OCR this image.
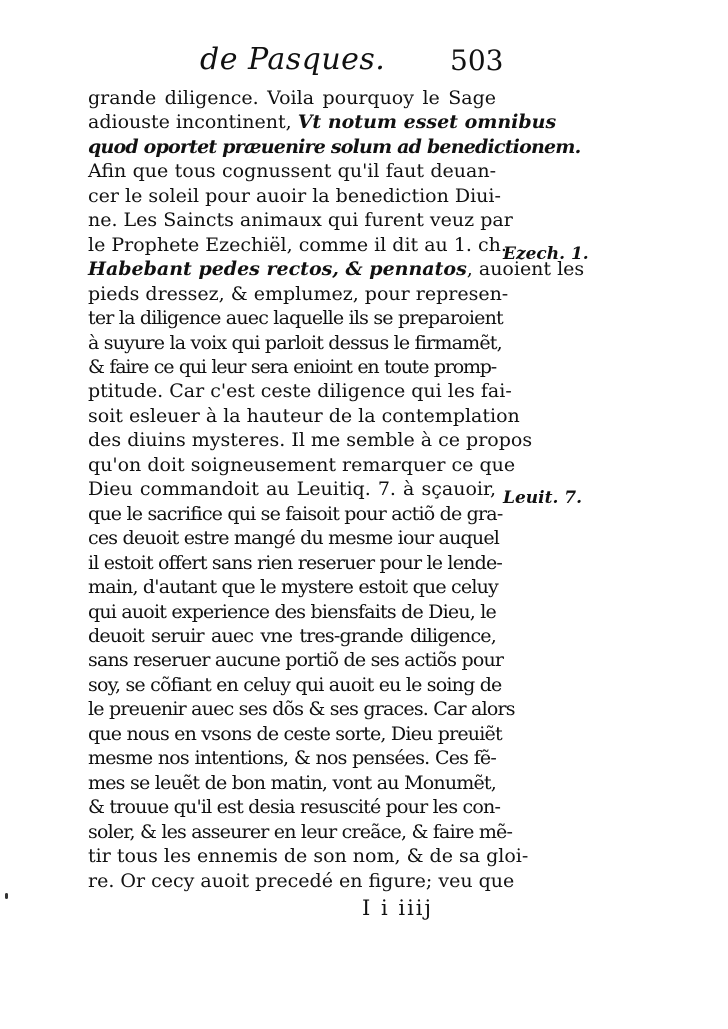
de Pasques. 503
grande diligence. Voila pourquoy le Sage
adiouste incontinent, Vt notum esset omnibus
quod oportet præuenire solum ad benedictionem.
Afin que tous cognussent qu'il faut deuan-
cer le soleil pour auoir la benediction Diui-
ne. Les Saincts animaux qui furent veuz par
le Prophete Ezechiël, comme il dit au 1. ch.
Habebant pedes rectos, & pennatos, auoient les
pieds dressez, & emplumez, pour represen-
ter la diligence auec laquelle ils se preparoient
à suyure la voix qui parloit dessus le firmamẽt,
& faire ce qui leur sera enioint en toute promp-
ptitude. Car c'est ceste diligence qui les fai-
soit esleuer à la hauteur de la contemplation
des diuins mysteres. Il me semble à ce propos
qu'on doit soigneusement remarquer ce que
Dieu commandoit au Leuitiq. 7. à sçauoir,
que le sacrifice qui se faisoit pour actiõ de gra-
ces deuoit estre mangé du mesme iour auquel
il estoit offert sans rien reseruer pour le lende-
main, d'autant que le mystere estoit que celuy
qui auoit experience des biensfaits de Dieu, le
deuoit seruir auec vne tres-grande diligence,
sans reseruer aucune portiõ de ses actiõs pour
soy, se cõfiant en celuy qui auoit eu le soing de
le preuenir auec ses dõs & ses graces. Car alors
que nous en vsons de ceste sorte, Dieu preuiẽt
mesme nos intentions, & nos pensées. Ces fẽ-
mes se leuẽt de bon matin, vont au Monumẽt,
& trouue qu'il est desia resuscité pour les con-
soler, & les asseurer en leur creãce, & faire mẽ-
tir tous les ennemis de son nom, & de sa gloi-
re. Or cecy auoit precedé en figure; veu que
Ezech. 1.
Leuit. 7.
I i iiij
